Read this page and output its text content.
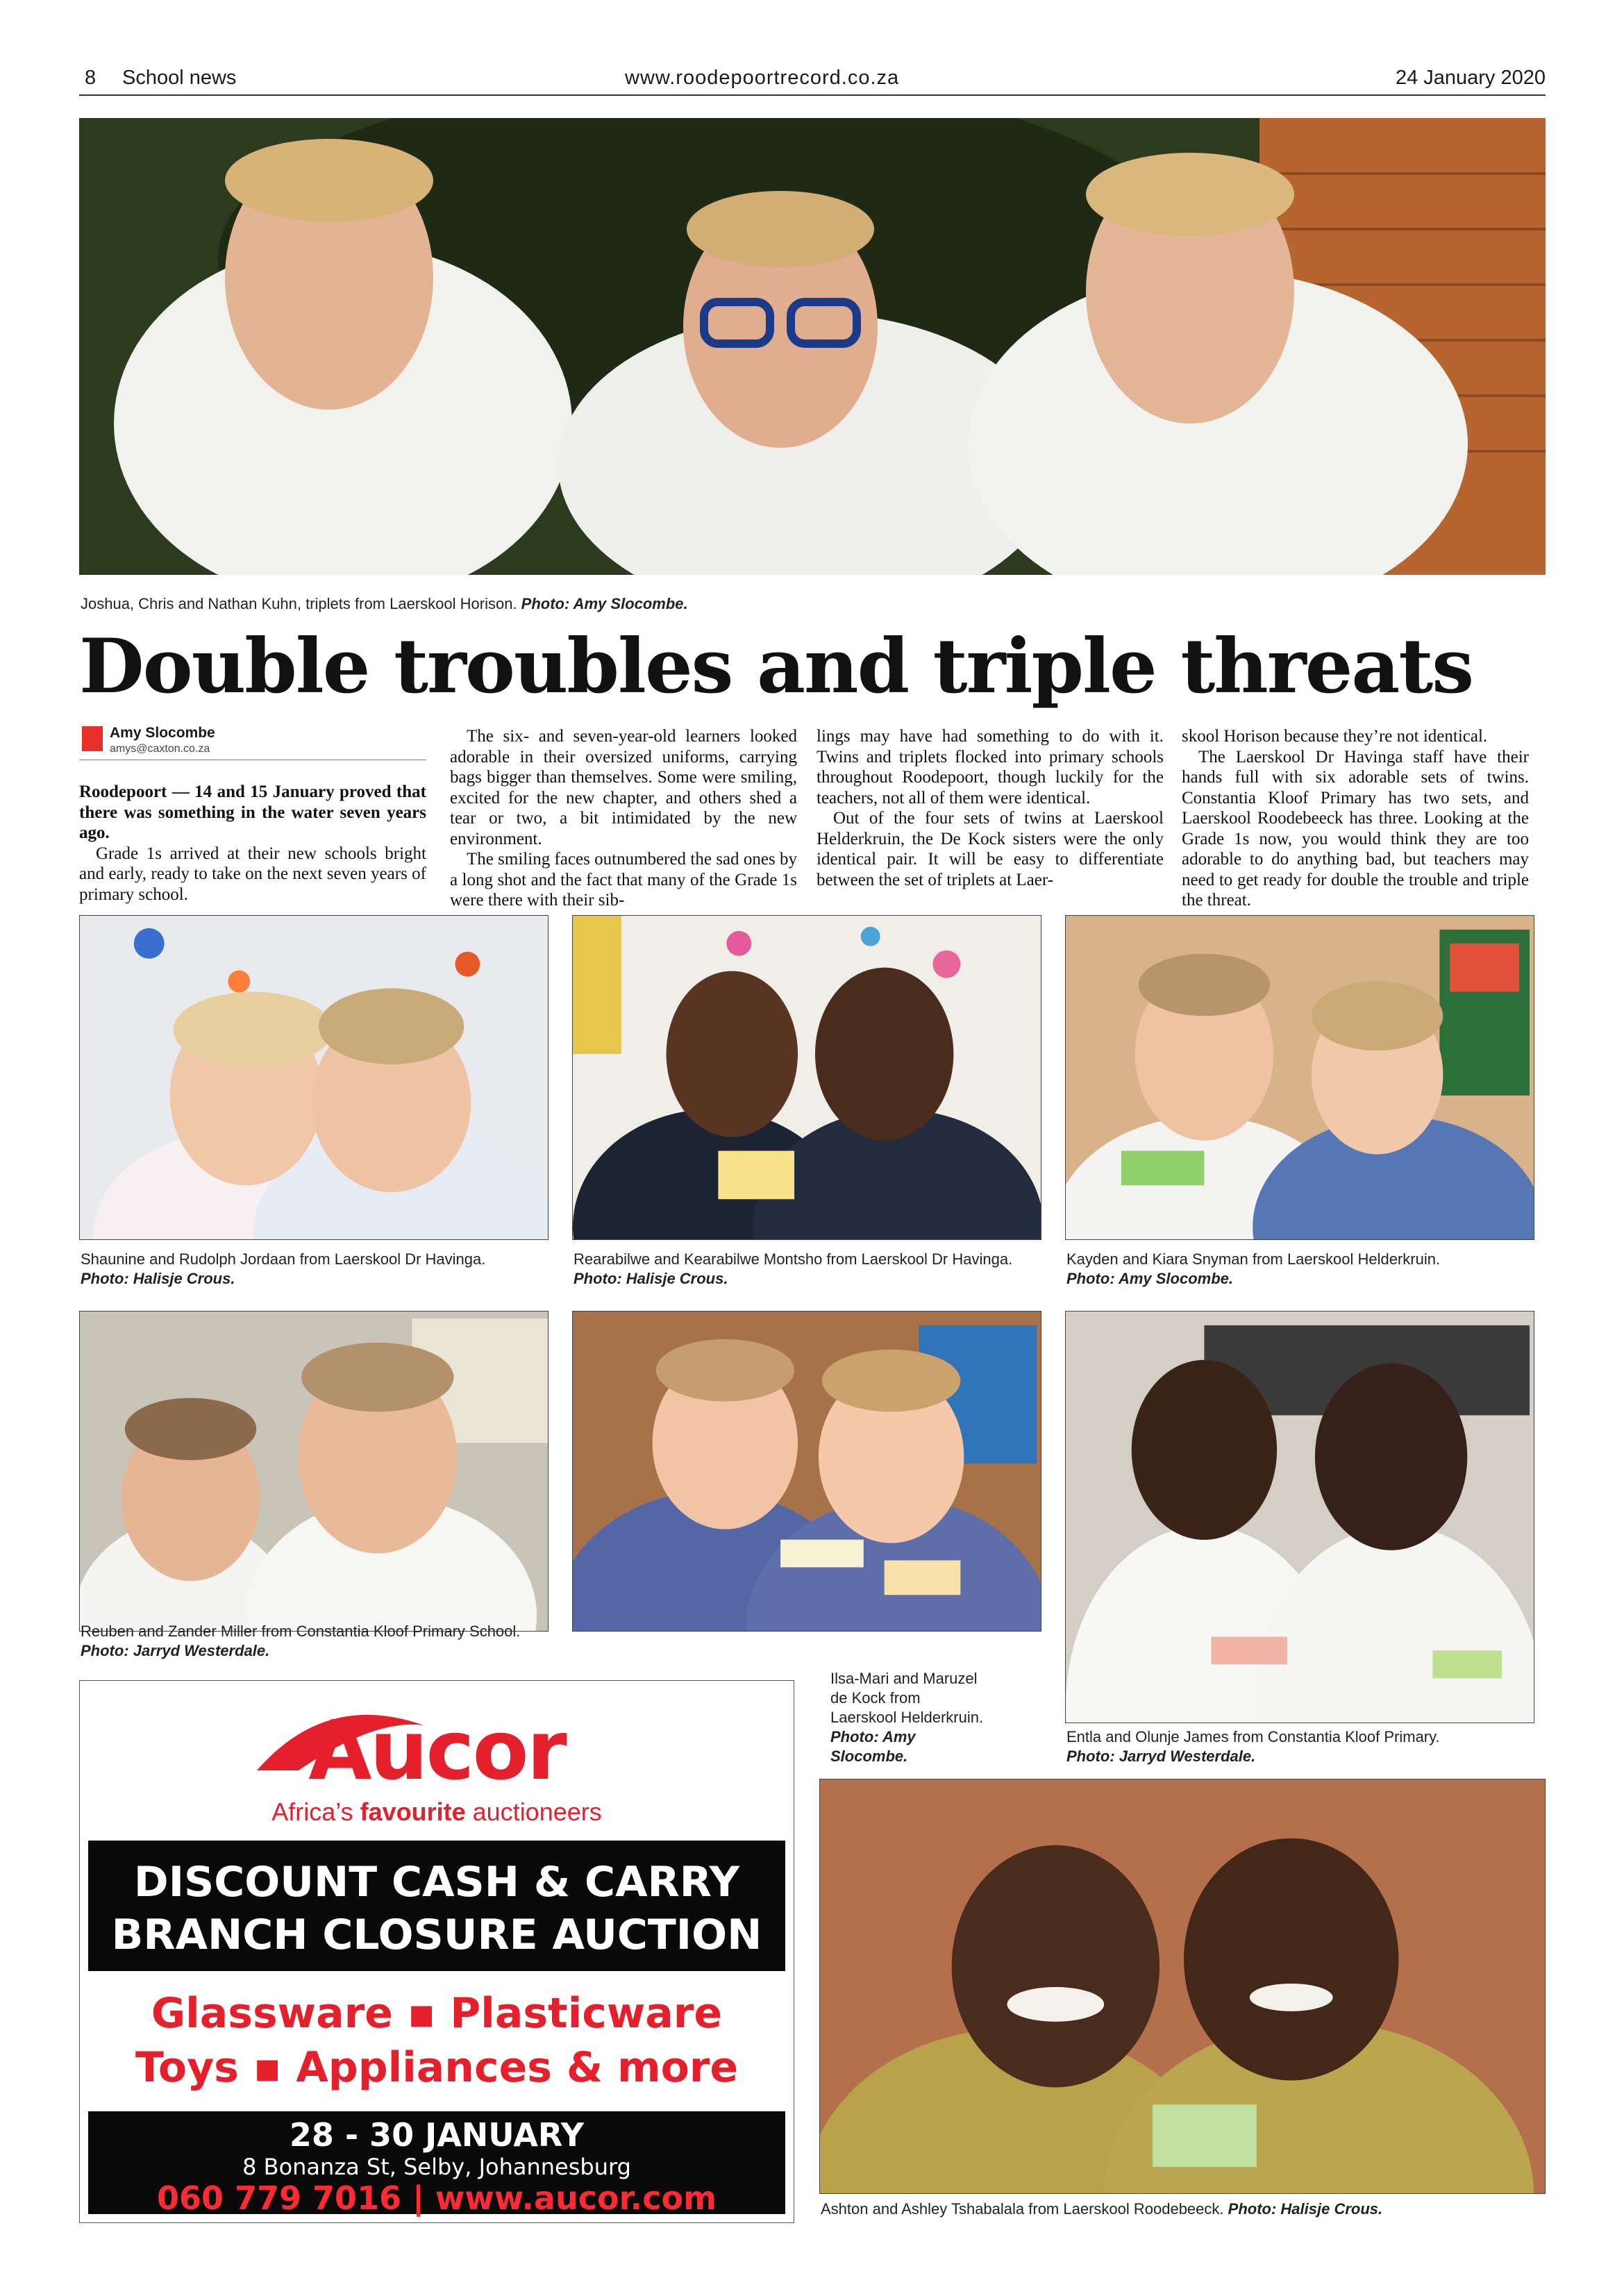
8 School news	www.roodepoortrecord.co.za	24 January 2020
Joshua, Chris and Nathan Kuhn, triplets from Laerskool Horison. Photo: Amy Slocombe.
Double troubles and triple threats
Amy Slocombe
amys@caxton.co.za

Roodepoort — 14 and 15 January proved that there was something in the water seven years ago.

Grade 1s arrived at their new schools bright and early, ready to take on the next seven years of primary school.

The six- and seven-year-old learners looked adorable in their oversized uniforms, carrying bags bigger than themselves. Some were smiling, excited for the new chapter, and others shed a tear or two, a bit intimidated by the new environment.

The smiling faces outnumbered the sad ones by a long shot and the fact that many of the Grade 1s were there with their sib-

lings may have had something to do with it. Twins and triplets flocked into primary schools throughout Roodepoort, though luckily for the teachers, not all of them were identical.

Out of the four sets of twins at Laerskool Helderkruin, the De Kock sisters were the only identical pair. It will be easy to differentiate between the set of triplets at Laer-

skool Horison because they’re not identical.

The Laerskool Dr Havinga staff have their hands full with six adorable sets of twins. Constantia Kloof Primary has two sets, and Laerskool Roodebeeck has three. Looking at the Grade 1s now, you would think they are too adorable to do anything bad, but teachers may need to get ready for double the trouble and triple the threat.

Shaunine and Rudolph Jordaan from Laerskool Dr Havinga.
Photo: Halisje Crous.
Rearabilwe and Kearabilwe Montsho from Laerskool Dr Havinga. Photo: Halisje Crous.
Kayden and Kiara Snyman from Laerskool Helderkruin.
Photo: Amy Slocombe.
Reuben and Zander Miller from Constantia Kloof Primary School. Photo: Jarryd Westerdale.
Ilsa-Mari and Maruzel de Kock from Laerskool Helderkruin. Photo: Amy Slocombe.
Entla and Olunje James from Constantia Kloof Primary.
Photo: Jarryd Westerdale.
Ashton and Ashley Tshabalala from Laerskool Roodebeeck. Photo: Halisje Crous.
Aucor
Africa’s favourite auctioneers
DISCOUNT CASH & CARRY
BRANCH CLOSURE AUCTION
Glassware ▪ Plasticware
Toys ▪ Appliances & more
28 - 30 JANUARY
8 Bonanza St, Selby, Johannesburg
060 779 7016 | www.aucor.com
